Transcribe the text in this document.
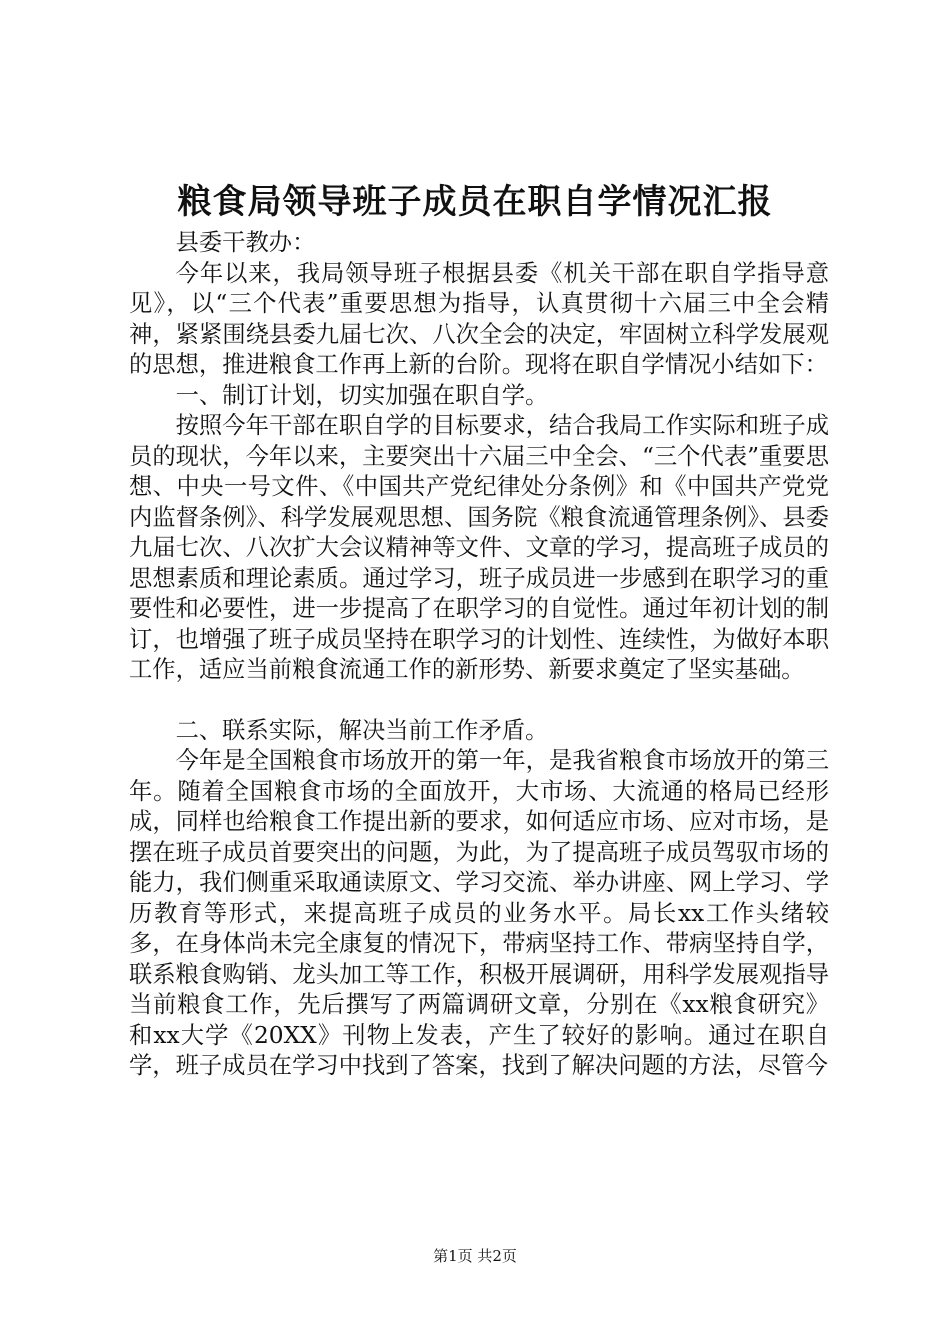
粮食局领导班子成员在职自学情况汇报

县委干教办：

今年以来，我局领导班子根据县委《机关干部在职自学指导意见》，以“三个代表”重要思想为指导，认真贯彻十六届三中全会精神，紧紧围绕县委九届七次、八次全会的决定，牢固树立科学发展观的思想，推进粮食工作再上新的台阶。现将在职自学情况小结如下：

一、制订计划，切实加强在职自学。

按照今年干部在职自学的目标要求，结合我局工作实际和班子成员的现状，今年以来，主要突出十六届三中全会、“三个代表”重要思想、中央一号文件、《中国共产党纪律处分条例》和《中国共产党党内监督条例》、科学发展观思想、国务院《粮食流通管理条例》、县委九届七次、八次扩大会议精神等文件、文章的学习，提高班子成员的思想素质和理论素质。通过学习，班子成员进一步感到在职学习的重要性和必要性，进一步提高了在职学习的自觉性。通过年初计划的制订，也增强了班子成员坚持在职学习的计划性、连续性，为做好本职工作，适应当前粮食流通工作的新形势、新要求奠定了坚实基础。

二、联系实际，解决当前工作矛盾。

今年是全国粮食市场放开的第一年，是我省粮食市场放开的第三年。随着全国粮食市场的全面放开，大市场、大流通的格局已经形成，同样也给粮食工作提出新的要求，如何适应市场、应对市场，是摆在班子成员首要突出的问题，为此，为了提高班子成员驾驭市场的能力，我们侧重采取通读原文、学习交流、举办讲座、网上学习、学历教育等形式，来提高班子成员的业务水平。局长xx工作头绪较多，在身体尚未完全康复的情况下，带病坚持工作、带病坚持自学，联系粮食购销、龙头加工等工作，积极开展调研，用科学发展观指导当前粮食工作，先后撰写了两篇调研文章，分别在《xx粮食研究》和xx大学《20XX》刊物上发表，产生了较好的影响。通过在职自学，班子成员在学习中找到了答案，找到了解决问题的方法，尽管今

第1页 共2页
